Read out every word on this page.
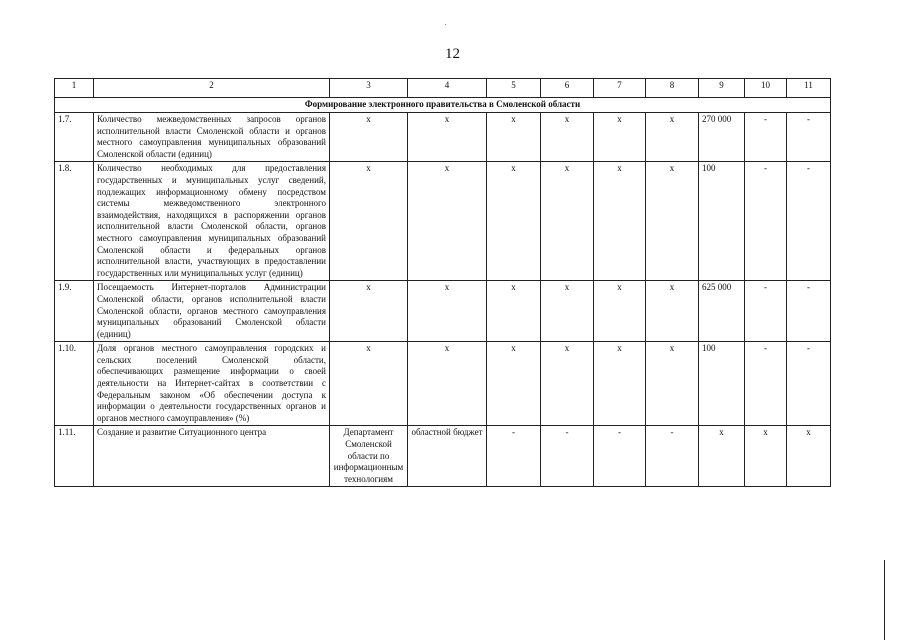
12
1	2	3	4	5	6	7	8	9	10	11
Формирование электронного правительства в Смоленской области										
1.7.	Количество межведомственных запросов органов исполнительной власти Смоленской области и органов местного самоуправления муниципальных образований Смоленской области (единиц)	x	x	x	x	x	x	270 000	-	-
1.8.	Количество необходимых для предоставления государственных и муниципальных услуг сведений, подлежащих информационному обмену посредством системы межведомственного электронного взаимодействия, находящихся в распоряжении органов исполнительной власти Смоленской области, органов местного самоуправления муниципальных образований Смоленской области и федеральных органов исполнительной власти, участвующих в предоставлении государственных или муниципальных услуг (единиц)	x	x	x	x	x	x	100	-	-
1.9.	Посещаемость Интернет-порталов Администрации Смоленской области, органов исполнительной власти Смоленской области, органов местного самоуправления муниципальных образований Смоленской области (единиц)	x	x	x	x	x	x	625 000	-	-
1.10.	Доля органов местного самоуправления городских и сельских поселений Смоленской области, обеспечивающих размещение информации о своей деятельности на Интернет-сайтах в соответствии с Федеральным законом «Об обеспечении доступа к информации о деятельности государственных органов и органов местного самоуправления» (%)	x	x	x	x	x	x	100	-	-
1.11.	Создание и развитие Ситуационного центра	Департамент Смоленской области по информационным технологиям	областной бюджет	-	-	-	-	x	x	x
